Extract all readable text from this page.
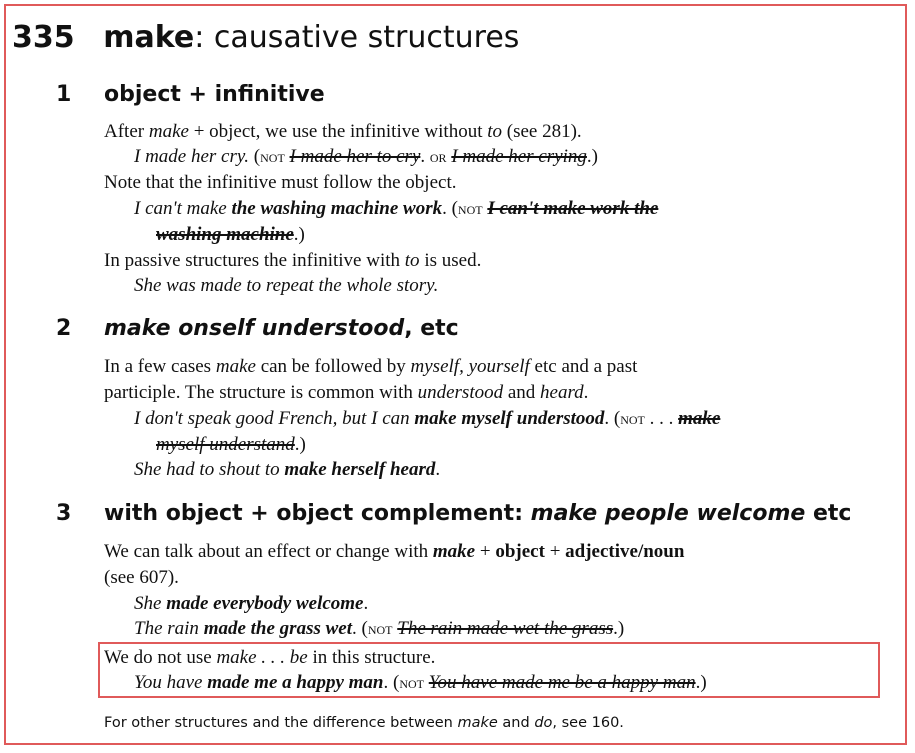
335 make: causative structures
1 object + infinitive
After make + object, we use the infinitive without to (see 281).
I made her cry. (not I made her to cry. or I made her crying.)
Note that the infinitive must follow the object.
I can't make the washing machine work. (not I can't make work the
washing machine.)
In passive structures the infinitive with to is used.
She was made to repeat the whole story.
2 make onself understood, etc
In a few cases make can be followed by myself, yourself etc and a past
participle. The structure is common with understood and heard.
I don't speak good French, but I can make myself understood. (not . . . make
myself understand.)
She had to shout to make herself heard.
3 with object + object complement: make people welcome etc
We can talk about an effect or change with make + object + adjective/noun
(see 607).
She made everybody welcome.
The rain made the grass wet. (not The rain made wet the grass.)
We do not use make . . . be in this structure.
You have made me a happy man. (not You have made me be a happy man.)
For other structures and the difference between make and do, see 160.
